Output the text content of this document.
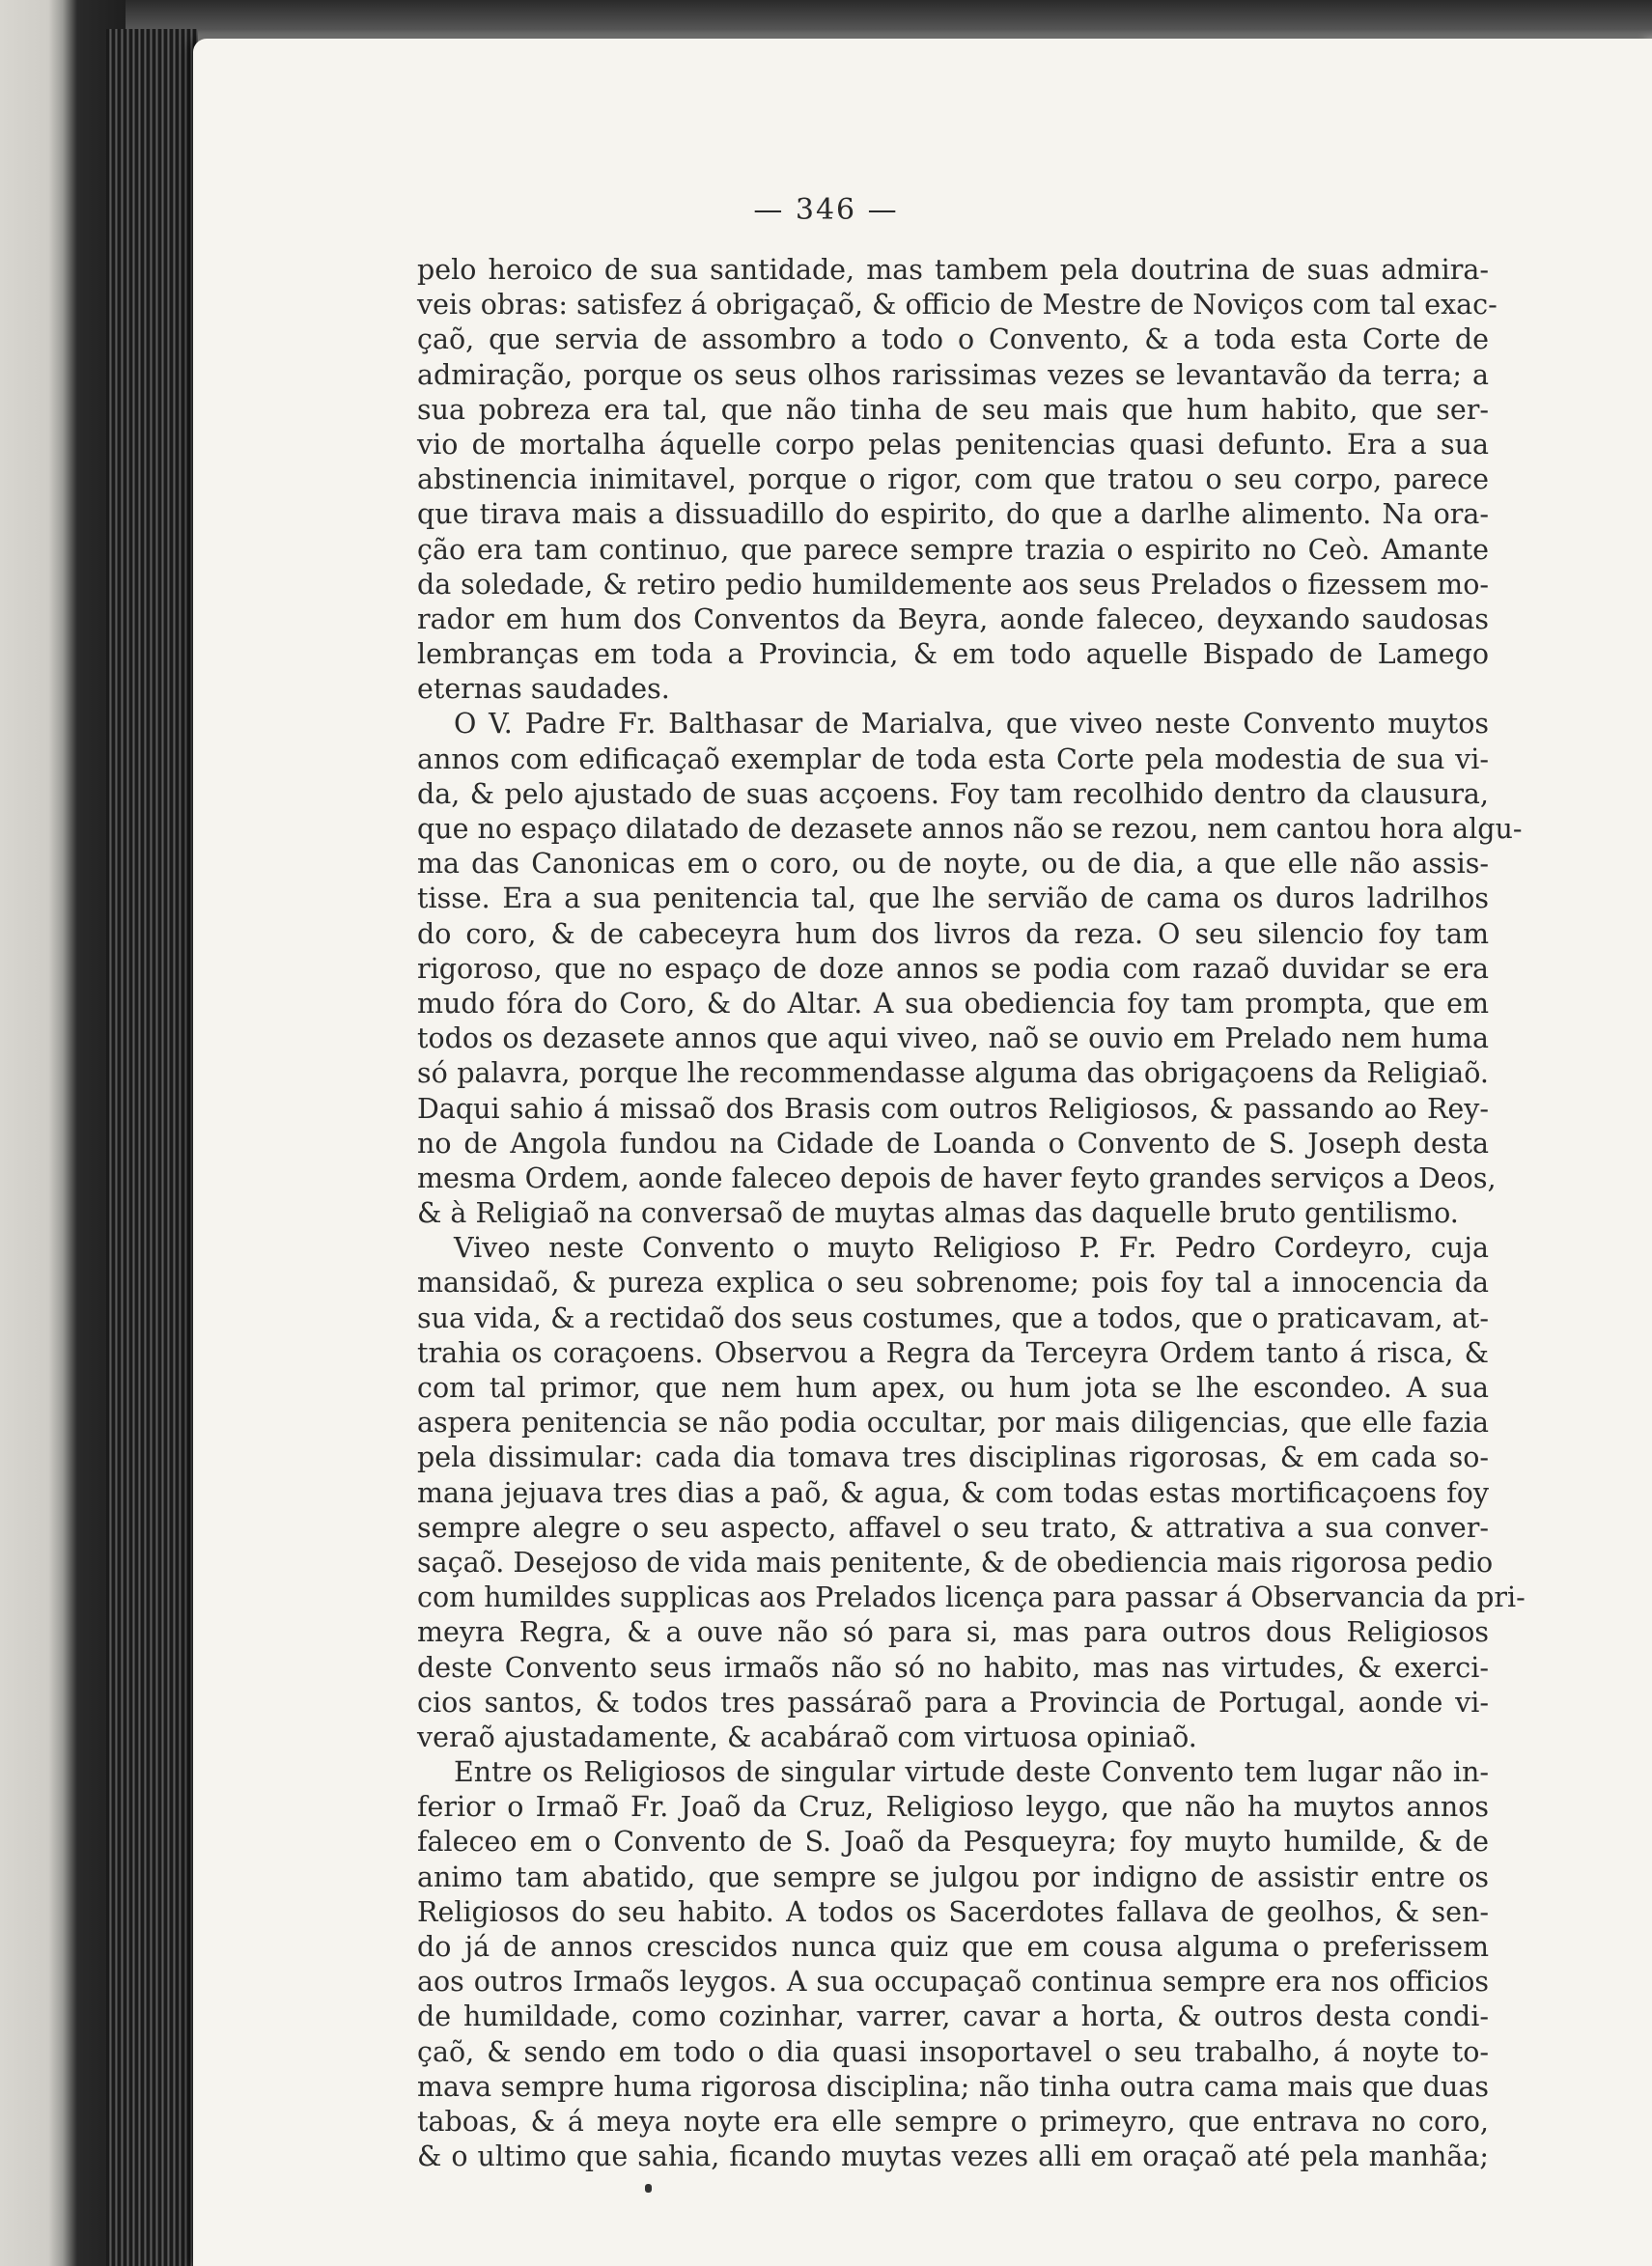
— 346 —
pelo heroico de sua santidade, mas tambem pela doutrina de suas admira-
veis obras: satisfez á obrigaçaõ, & officio de Mestre de Noviços com tal exac-
çaõ, que servia de assombro a todo o Convento, & a toda esta Corte de
admiração, porque os seus olhos rarissimas vezes se levantavão da terra; a
sua pobreza era tal, que não tinha de seu mais que hum habito, que ser-
vio de mortalha áquelle corpo pelas penitencias quasi defunto. Era a sua
abstinencia inimitavel, porque o rigor, com que tratou o seu corpo, parece
que tirava mais a dissuadillo do espirito, do que a darlhe alimento. Na ora-
ção era tam continuo, que parece sempre trazia o espirito no Ceò. Amante
da soledade, & retiro pedio humildemente aos seus Prelados o fizessem mo-
rador em hum dos Conventos da Beyra, aonde faleceo, deyxando saudosas
lembranças em toda a Provincia, & em todo aquelle Bispado de Lamego
eternas saudades.
O V. Padre Fr. Balthasar de Marialva, que viveo neste Convento muytos
annos com edificaçaõ exemplar de toda esta Corte pela modestia de sua vi-
da, & pelo ajustado de suas acçoens. Foy tam recolhido dentro da clausura,
que no espaço dilatado de dezasete annos não se rezou, nem cantou hora algu-
ma das Canonicas em o coro, ou de noyte, ou de dia, a que elle não assis-
tisse. Era a sua penitencia tal, que lhe servião de cama os duros ladrilhos
do coro, & de cabeceyra hum dos livros da reza. O seu silencio foy tam
rigoroso, que no espaço de doze annos se podia com razaõ duvidar se era
mudo fóra do Coro, & do Altar. A sua obediencia foy tam prompta, que em
todos os dezasete annos que aqui viveo, naõ se ouvio em Prelado nem huma
só palavra, porque lhe recommendasse alguma das obrigaçoens da Religiaõ.
Daqui sahio á missaõ dos Brasis com outros Religiosos, & passando ao Rey-
no de Angola fundou na Cidade de Loanda o Convento de S. Joseph desta
mesma Ordem, aonde faleceo depois de haver feyto grandes serviços a Deos,
& à Religiaõ na conversaõ de muytas almas das daquelle bruto gentilismo.
Viveo neste Convento o muyto Religioso P. Fr. Pedro Cordeyro, cuja
mansidaõ, & pureza explica o seu sobrenome; pois foy tal a innocencia da
sua vida, & a rectidaõ dos seus costumes, que a todos, que o praticavam, at-
trahia os coraçoens. Observou a Regra da Terceyra Ordem tanto á risca, &
com tal primor, que nem hum apex, ou hum jota se lhe escondeo. A sua
aspera penitencia se não podia occultar, por mais diligencias, que elle fazia
pela dissimular: cada dia tomava tres disciplinas rigorosas, & em cada so-
mana jejuava tres dias a paõ, & agua, & com todas estas mortificaçoens foy
sempre alegre o seu aspecto, affavel o seu trato, & attrativa a sua conver-
saçaõ. Desejoso de vida mais penitente, & de obediencia mais rigorosa pedio
com humildes supplicas aos Prelados licença para passar á Observancia da pri-
meyra Regra, & a ouve não só para si, mas para outros dous Religiosos
deste Convento seus irmaõs não só no habito, mas nas virtudes, & exerci-
cios santos, & todos tres passáraõ para a Provincia de Portugal, aonde vi-
veraõ ajustadamente, & acabáraõ com virtuosa opiniaõ.
Entre os Religiosos de singular virtude deste Convento tem lugar não in-
ferior o Irmaõ Fr. Joaõ da Cruz, Religioso leygo, que não ha muytos annos
faleceo em o Convento de S. Joaõ da Pesqueyra; foy muyto humilde, & de
animo tam abatido, que sempre se julgou por indigno de assistir entre os
Religiosos do seu habito. A todos os Sacerdotes fallava de geolhos, & sen-
do já de annos crescidos nunca quiz que em cousa alguma o preferissem
aos outros Irmaõs leygos. A sua occupaçaõ continua sempre era nos officios
de humildade, como cozinhar, varrer, cavar a horta, & outros desta condi-
çaõ, & sendo em todo o dia quasi insoportavel o seu trabalho, á noyte to-
mava sempre huma rigorosa disciplina; não tinha outra cama mais que duas
taboas, & á meya noyte era elle sempre o primeyro, que entrava no coro,
& o ultimo que sahia, ficando muytas vezes alli em oraçaõ até pela manhãa;
